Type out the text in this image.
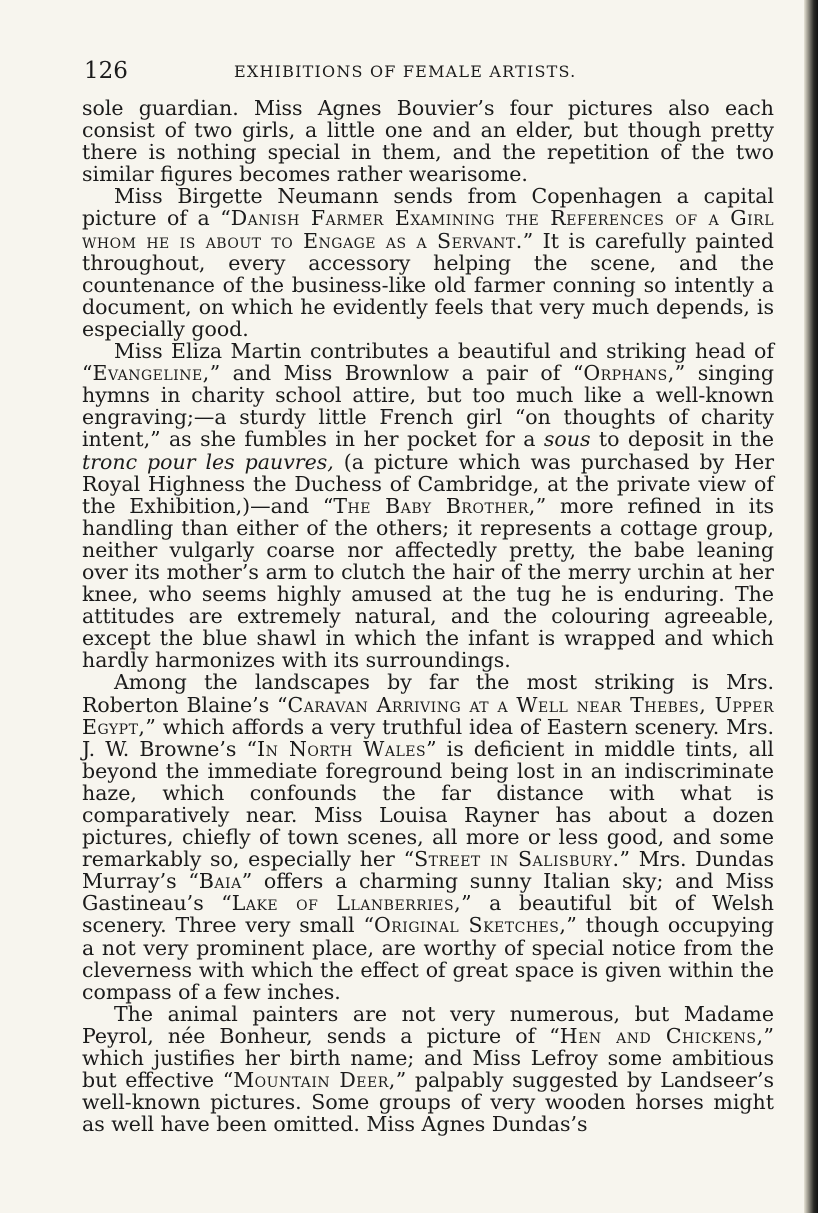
126	EXHIBITIONS OF FEMALE ARTISTS.

sole guardian. Miss Agnes Bouvier’s four pictures also each consist of two girls, a little one and an elder, but though pretty there is nothing special in them, and the repetition of the two similar figures becomes rather wearisome.

Miss Birgette Neumann sends from Copenhagen a capital picture of a “Danish Farmer Examining the References of a Girl whom he is about to Engage as a Servant.” It is carefully painted throughout, every accessory helping the scene, and the countenance of the business-like old farmer conning so intently a document, on which he evidently feels that very much depends, is especially good.

Miss Eliza Martin contributes a beautiful and striking head of “Evangeline,” and Miss Brownlow a pair of “Orphans,” singing hymns in charity school attire, but too much like a well-known engraving;—a sturdy little French girl “on thoughts of charity intent,” as she fumbles in her pocket for a sous to deposit in the tronc pour les pauvres, (a picture which was purchased by Her Royal Highness the Duchess of Cambridge, at the private view of the Exhibition,)—and “The Baby Brother,” more refined in its handling than either of the others; it represents a cottage group, neither vulgarly coarse nor affectedly pretty, the babe leaning over its mother’s arm to clutch the hair of the merry urchin at her knee, who seems highly amused at the tug he is enduring. The attitudes are extremely natural, and the colouring agreeable, except the blue shawl in which the infant is wrapped and which hardly harmonizes with its surroundings.

Among the landscapes by far the most striking is Mrs. Roberton Blaine’s “Caravan Arriving at a Well near Thebes, Upper Egypt,” which affords a very truthful idea of Eastern scenery. Mrs. J. W. Browne’s “In North Wales” is deficient in middle tints, all beyond the immediate foreground being lost in an indiscriminate haze, which confounds the far distance with what is comparatively near. Miss Louisa Rayner has about a dozen pictures, chiefly of town scenes, all more or less good, and some remarkably so, especially her “Street in Salisbury.” Mrs. Dundas Murray’s “Baia” offers a charming sunny Italian sky; and Miss Gastineau’s “Lake of Llanberries,” a beautiful bit of Welsh scenery. Three very small “Original Sketches,” though occupying a not very prominent place, are worthy of special notice from the cleverness with which the effect of great space is given within the compass of a few inches.

The animal painters are not very numerous, but Madame Peyrol, née Bonheur, sends a picture of “Hen and Chickens,” which justifies her birth name; and Miss Lefroy some ambitious but effective “Mountain Deer,” palpably suggested by Landseer’s well-known pictures. Some groups of very wooden horses might as well have been omitted. Miss Agnes Dundas’s
